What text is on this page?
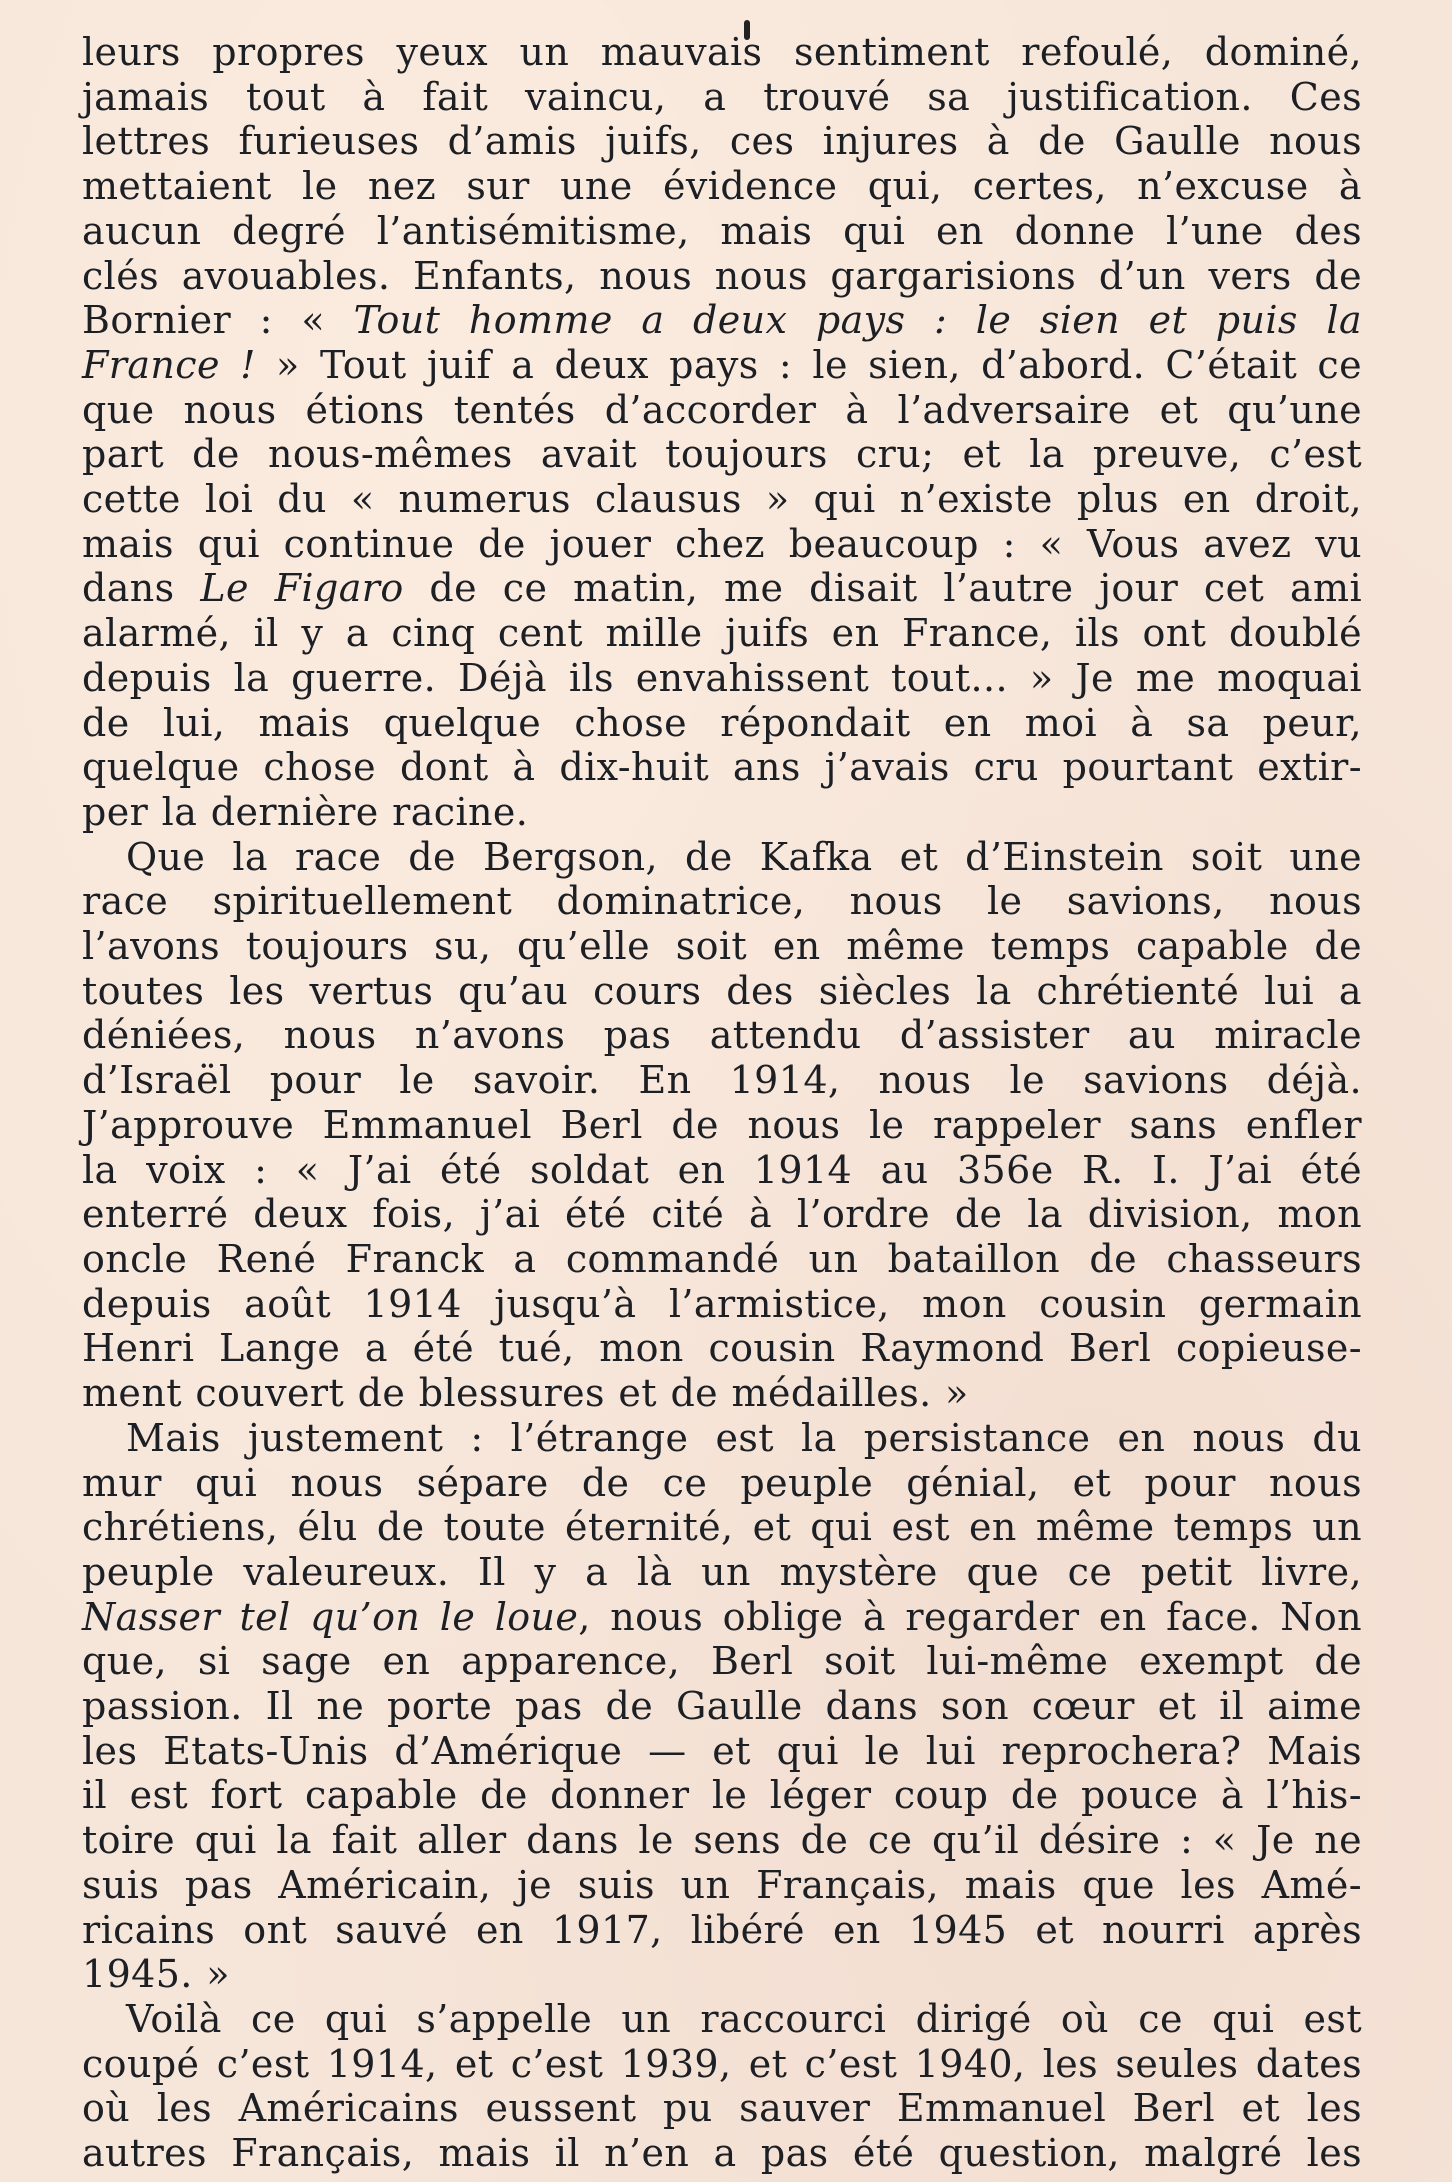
leurs propres yeux un mauvais sentiment refoulé, dominé,
jamais tout à fait vaincu, a trouvé sa justification. Ces
lettres furieuses d’amis juifs, ces injures à de Gaulle nous
mettaient le nez sur une évidence qui, certes, n’excuse à
aucun degré l’antisémitisme, mais qui en donne l’une des
clés avouables. Enfants, nous nous gargarisions d’un vers de
Bornier : « Tout homme a deux pays : le sien et puis la
France ! » Tout juif a deux pays : le sien, d’abord. C’était ce
que nous étions tentés d’accorder à l’adversaire et qu’une
part de nous-mêmes avait toujours cru; et la preuve, c’est
cette loi du « numerus clausus » qui n’existe plus en droit,
mais qui continue de jouer chez beaucoup : « Vous avez vu
dans Le Figaro de ce matin, me disait l’autre jour cet ami
alarmé, il y a cinq cent mille juifs en France, ils ont doublé
depuis la guerre. Déjà ils envahissent tout... » Je me moquai
de lui, mais quelque chose répondait en moi à sa peur,
quelque chose dont à dix-huit ans j’avais cru pourtant extir-
per la dernière racine.
Que la race de Bergson, de Kafka et d’Einstein soit une
race spirituellement dominatrice, nous le savions, nous
l’avons toujours su, qu’elle soit en même temps capable de
toutes les vertus qu’au cours des siècles la chrétienté lui a
déniées, nous n’avons pas attendu d’assister au miracle
d’Israël pour le savoir. En 1914, nous le savions déjà.
J’approuve Emmanuel Berl de nous le rappeler sans enfler
la voix : « J’ai été soldat en 1914 au 356e R. I. J’ai été
enterré deux fois, j’ai été cité à l’ordre de la division, mon
oncle René Franck a commandé un bataillon de chasseurs
depuis août 1914 jusqu’à l’armistice, mon cousin germain
Henri Lange a été tué, mon cousin Raymond Berl copieuse-
ment couvert de blessures et de médailles. »
Mais justement : l’étrange est la persistance en nous du
mur qui nous sépare de ce peuple génial, et pour nous
chrétiens, élu de toute éternité, et qui est en même temps un
peuple valeureux. Il y a là un mystère que ce petit livre,
Nasser tel qu’on le loue, nous oblige à regarder en face. Non
que, si sage en apparence, Berl soit lui-même exempt de
passion. Il ne porte pas de Gaulle dans son cœur et il aime
les Etats-Unis d’Amérique — et qui le lui reprochera? Mais
il est fort capable de donner le léger coup de pouce à l’his-
toire qui la fait aller dans le sens de ce qu’il désire : « Je ne
suis pas Américain, je suis un Français, mais que les Amé-
ricains ont sauvé en 1917, libéré en 1945 et nourri après
1945. »
Voilà ce qui s’appelle un raccourci dirigé où ce qui est
coupé c’est 1914, et c’est 1939, et c’est 1940, les seules dates
où les Américains eussent pu sauver Emmanuel Berl et les
autres Français, mais il n’en a pas été question, malgré les
